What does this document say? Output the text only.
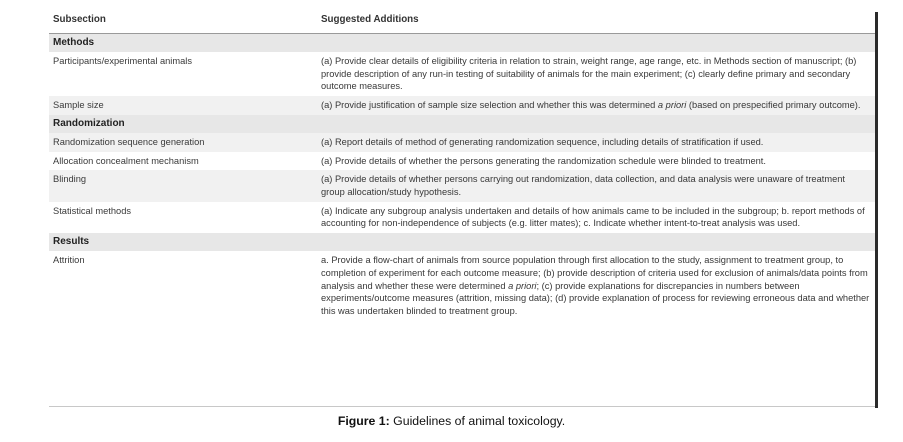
Subsection	Suggested Additions
Methods	
Participants/experimental animals	(a) Provide clear details of eligibility criteria in relation to strain, weight range, age range, etc. in Methods section of manuscript; (b) provide description of any run-in testing of suitability of animals for the main experiment; (c) clearly define primary and secondary outcome measures.
Sample size	(a) Provide justification of sample size selection and whether this was determined a priori (based on prespecified primary outcome).
Randomization	
Randomization sequence generation	(a) Report details of method of generating randomization sequence, including details of stratification if used.
Allocation concealment mechanism	(a) Provide details of whether the persons generating the randomization schedule were blinded to treatment.
Blinding	(a) Provide details of whether persons carrying out randomization, data collection, and data analysis were unaware of treatment group allocation/study hypothesis.
Statistical methods	(a) Indicate any subgroup analysis undertaken and details of how animals came to be included in the subgroup; b. report methods of accounting for non-independence of subjects (e.g. litter mates); c. Indicate whether intent-to-treat analysis was used.
Results	
Attrition	a. Provide a flow-chart of animals from source population through first allocation to the study, assignment to treatment group, to completion of experiment for each outcome measure; (b) provide description of criteria used for exclusion of animals/data points from analysis and whether these were determined a priori; (c) provide explanations for discrepancies in numbers between experiments/outcome measures (attrition, missing data); (d) provide explanation of process for reviewing erroneous data and whether this was undertaken blinded to treatment group.
Figure 1: Guidelines of animal toxicology.
